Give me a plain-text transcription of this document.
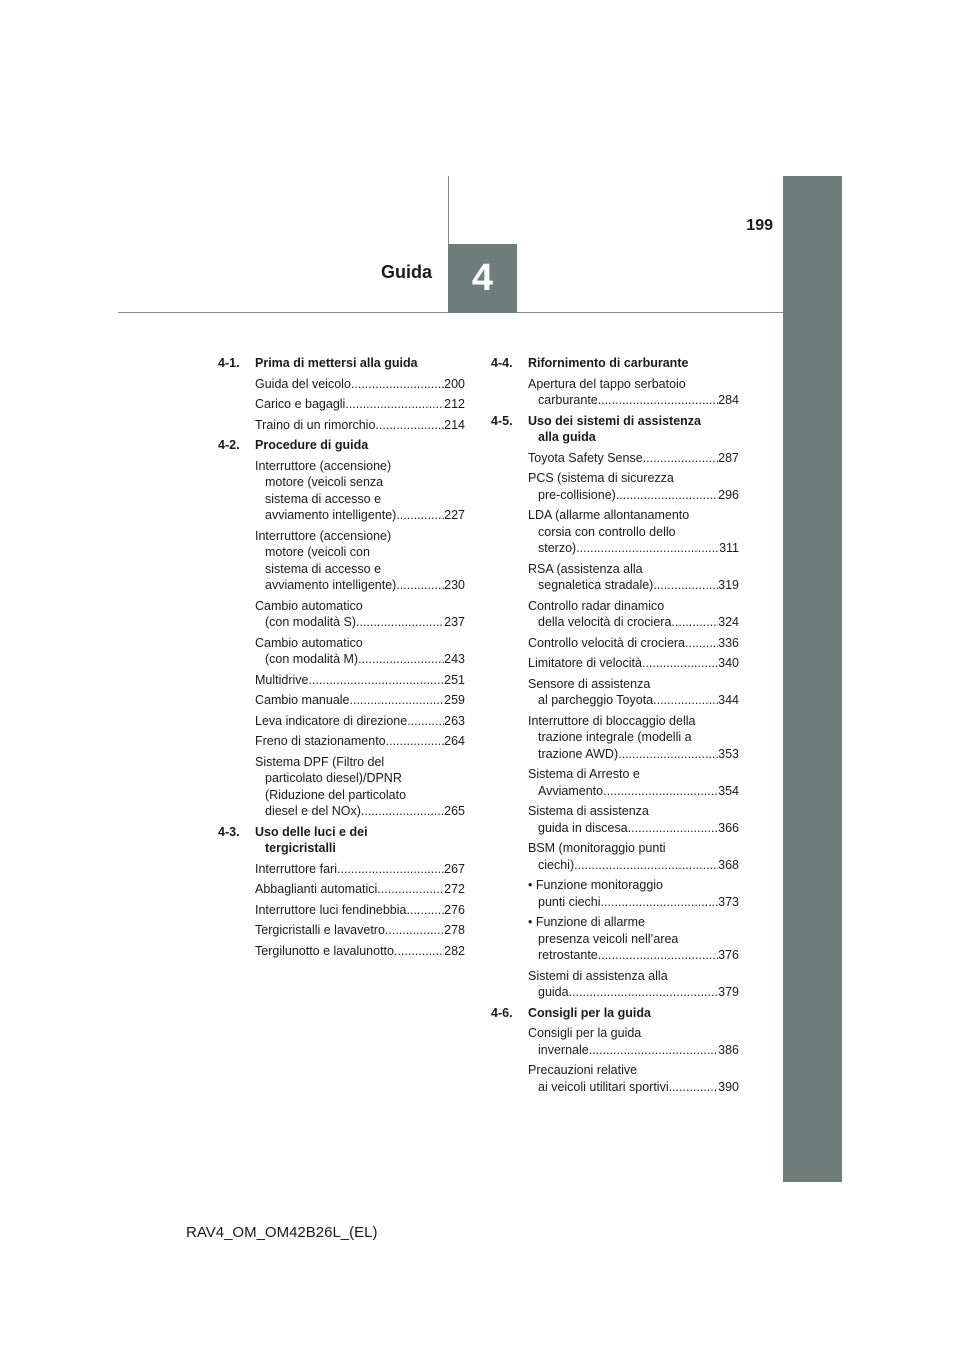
199
Guida 4
4-1.	Prima di mettersi alla guida
Guida del veicolo .....	200
Carico e bagagli .....	212
Traino di un rimorchio .....	214
4-2.	Procedure di guida
Interruttore (accensione)
motore (veicoli senza
sistema di accesso e
avviamento intelligente) .....	227
Interruttore (accensione)
motore (veicoli con
sistema di accesso e
avviamento intelligente) .....	230
Cambio automatico
(con modalità S) .....	237
Cambio automatico
(con modalità M) .....	243
Multidrive .....	251
Cambio manuale .....	259
Leva indicatore di direzione .....	263
Freno di stazionamento .....	264
Sistema DPF (Filtro del
particolato diesel)/DPNR
(Riduzione del particolato
diesel e del NOx) .....	265
4-3.	Uso delle luci e dei
tergicristalli
Interruttore fari .....	267
Abbaglianti automatici .....	272
Interruttore luci fendinebbia .....	276
Tergicristalli e lavavetro .....	278
Tergilunotto e lavalunotto .....	282
4-4.	Rifornimento di carburante
Apertura del tappo serbatoio
carburante .....	284
4-5.	Uso dei sistemi di assistenza
alla guida
Toyota Safety Sense .....	287
PCS (sistema di sicurezza
pre-collisione) .....	296
LDA (allarme allontanamento
corsia con controllo dello
sterzo) .....	311
RSA (assistenza alla
segnaletica stradale) .....	319
Controllo radar dinamico
della velocità di crociera .....	324
Controllo velocità di crociera .....	336
Limitatore di velocità .....	340
Sensore di assistenza
al parcheggio Toyota .....	344
Interruttore di bloccaggio della
trazione integrale (modelli a
trazione AWD) .....	353
Sistema di Arresto e
Avviamento .....	354
Sistema di assistenza
guida in discesa .....	366
BSM (monitoraggio punti
ciechi) .....	368
• Funzione monitoraggio
punti ciechi .....	373
• Funzione di allarme
presenza veicoli nell’area
retrostante .....	376
Sistemi di assistenza alla
guida .....	379
4-6.	Consigli per la guida
Consigli per la guida
invernale .....	386
Precauzioni relative
ai veicoli utilitari sportivi .....	390
RAV4_OM_OM42B26L_(EL)
